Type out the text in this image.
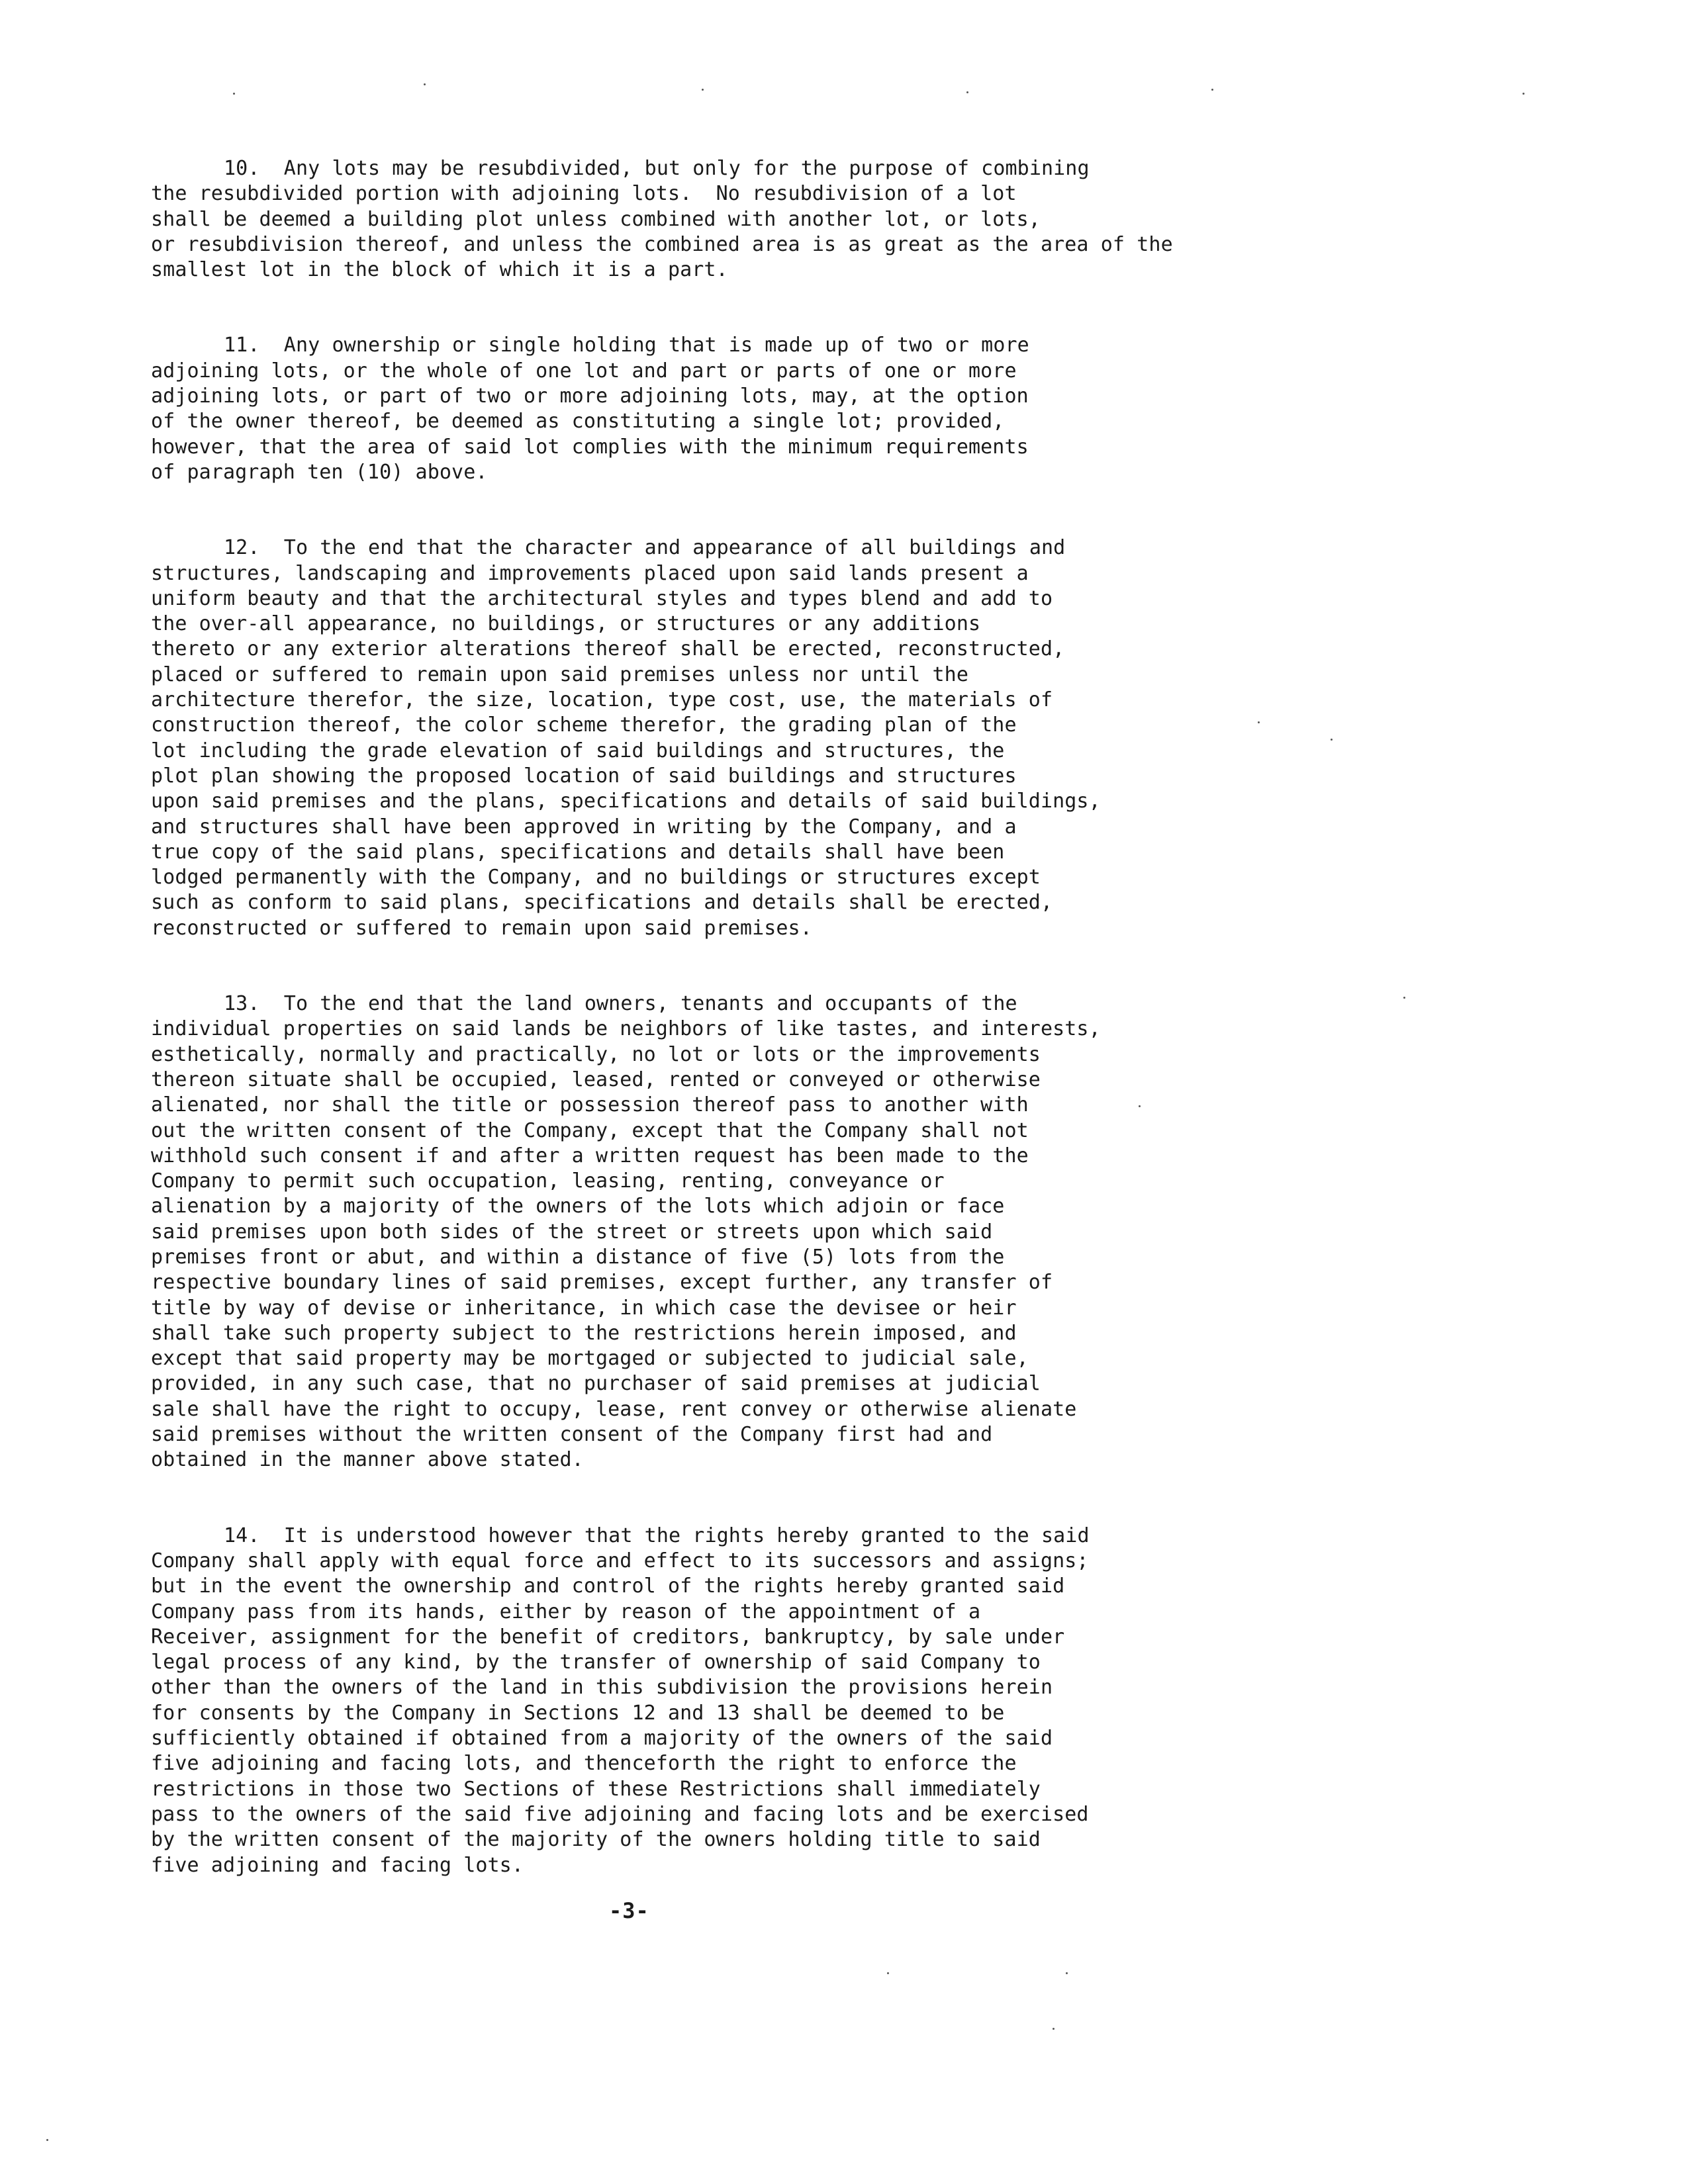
10.  Any lots may be resubdivided, but only for the purpose of combining
the resubdivided portion with adjoining lots.  No resubdivision of a lot
shall be deemed a building plot unless combined with another lot, or lots,
or resubdivision thereof, and unless the combined area is as great as the area of the
smallest lot in the block of which it is a part.
11.  Any ownership or single holding that is made up of two or more
adjoining lots, or the whole of one lot and part or parts of one or more
adjoining lots, or part of two or more adjoining lots, may, at the option
of the owner thereof, be deemed as constituting a single lot; provided,
however, that the area of said lot complies with the minimum requirements
of paragraph ten (10) above.
12.  To the end that the character and appearance of all buildings and
structures, landscaping and improvements placed upon said lands present a
uniform beauty and that the architectural styles and types blend and add to
the over-all appearance, no buildings, or structures or any additions
thereto or any exterior alterations thereof shall be erected, reconstructed,
placed or suffered to remain upon said premises unless nor until the
architecture therefor, the size, location, type cost, use, the materials of
construction thereof, the color scheme therefor, the grading plan of the
lot including the grade elevation of said buildings and structures, the
plot plan showing the proposed location of said buildings and structures
upon said premises and the plans, specifications and details of said buildings,
and structures shall have been approved in writing by the Company, and a
true copy of the said plans, specifications and details shall have been
lodged permanently with the Company, and no buildings or structures except
such as conform to said plans, specifications and details shall be erected,
reconstructed or suffered to remain upon said premises.
13.  To the end that the land owners, tenants and occupants of the
individual properties on said lands be neighbors of like tastes, and interests,
esthetically, normally and practically, no lot or lots or the improvements
thereon situate shall be occupied, leased, rented or conveyed or otherwise
alienated, nor shall the title or possession thereof pass to another with
out the written consent of the Company, except that the Company shall not
withhold such consent if and after a written request has been made to the
Company to permit such occupation, leasing, renting, conveyance or
alienation by a majority of the owners of the lots which adjoin or face
said premises upon both sides of the street or streets upon which said
premises front or abut, and within a distance of five (5) lots from the
respective boundary lines of said premises, except further, any transfer of
title by way of devise or inheritance, in which case the devisee or heir
shall take such property subject to the restrictions herein imposed, and
except that said property may be mortgaged or subjected to judicial sale,
provided, in any such case, that no purchaser of said premises at judicial
sale shall have the right to occupy, lease, rent convey or otherwise alienate
said premises without the written consent of the Company first had and
obtained in the manner above stated.
14.  It is understood however that the rights hereby granted to the said
Company shall apply with equal force and effect to its successors and assigns;
but in the event the ownership and control of the rights hereby granted said
Company pass from its hands, either by reason of the appointment of a
Receiver, assignment for the benefit of creditors, bankruptcy, by sale under
legal process of any kind, by the transfer of ownership of said Company to
other than the owners of the land in this subdivision the provisions herein
for consents by the Company in Sections 12 and 13 shall be deemed to be
sufficiently obtained if obtained from a majority of the owners of the said
five adjoining and facing lots, and thenceforth the right to enforce the
restrictions in those two Sections of these Restrictions shall immediately
pass to the owners of the said five adjoining and facing lots and be exercised
by the written consent of the majority of the owners holding title to said
five adjoining and facing lots.
-3-
